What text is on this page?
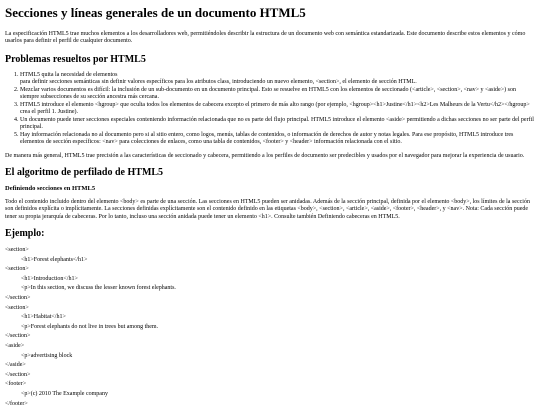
Secciones y líneas generales de un documento HTML5

La especificación HTML5 trae muchos elementos a los desarrolladores web, permitiéndoles describir la estructura de un documento web con semántica estandarizada. Este documento describe estos elementos y cómo usarlos para definir el perfil de cualquier documento.

Problemas resueltos por HTML5
1. HTML5 quita la necesidad de elementos
para definir secciones semánticas sin definir valores específicos para los atributos class, introduciendo un nuevo elemento, <section>, el elemento de sección HTML.
2. Mezclar varios documentos es difícil: la inclusión de un sub-documento en un documento principal. Esto se resuelve en HTML5 con los elementos de seccionado (<article>, <section>, <nav> y <aside>) son siempre subsecciones de su sección ancestra más cercana.
3. HTML5 introduce el elemento <hgroup> que oculta todos los elementos de cabecera excepto el primero de más alto rango (por ejemplo, <hgroup><h1>Justine</h1><h2>Les Malheurs de la Vertu</h2></hgroup> crea el perfil 1. Justine).
4. Un documento puede tener secciones especiales conteniendo información relacionada que no es parte del flujo principal. HTML5 introduce el elemento <aside> permitiendo a dichas secciones no ser parte del perfil principal.
5. Hay información relacionada no al documento pero si al sitio entero, como logos, menús, tablas de contenidos, o información de derechos de autor y notas legales. Para ese propósito, HTML5 introduce tres elementos de sección específicos: <nav> para colecciones de enlaces, como una tabla de contenidos, <footer> y <header> información relacionada con el sitio.

De manera más general, HTML5 trae precisión a las características de seccionado y cabecera, permitiendo a los perfiles de documento ser predecibles y usados por el navegador para mejorar la experiencia de usuario.

El algoritmo de perfilado de HTML5
Definiendo secciones en HTML5

Todo el contenido incluido dentro del elemento <body> es parte de una sección. Las secciones en HTML5 pueden ser anidadas. Además de la sección principal, definida por el elemento <body>, los límites de la sección son definidos explícita o implícitamente. La secciones definidas explícitamente son el contenido definido en las etiquetas <body>, <section>, <article>, <aside>, <footer>, <header>, y <nav>. Nota: Cada sección puede tener su propia jerarquía de cabeceras. Por lo tanto, incluso una sección anidada puede tener un elemento <h1>. Consulte también Definiendo cabeceras en HTML5.

Ejemplo:
<section>
<h1>Forest elephants</h1>
<section>
<h1>Introduction</h1>
<p>In this section, we discuss the lesser known forest elephants.
</section>
<section>
<h1>Habitat</h1>
<p>Forest elephants do not live in trees but among them.
</section>
<aside>
<p>advertising block
</aside>
</section>
<footer>
<p>(c) 2010 The Example company
</footer>
